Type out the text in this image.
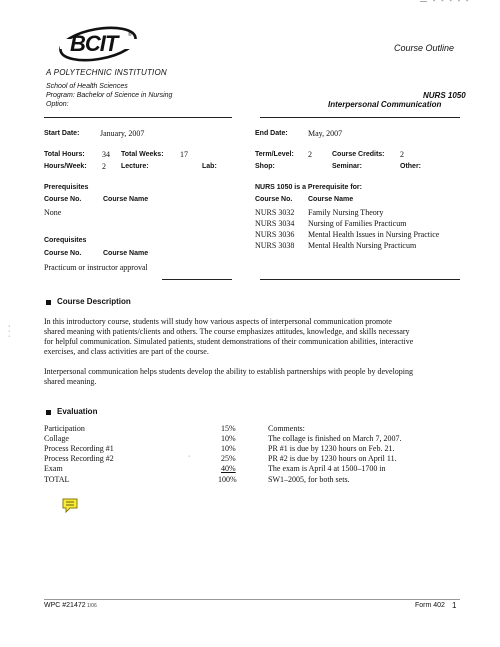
— - - - - -
BCIT	®
A POLYTECHNIC INSTITUTION
Course Outline
School of Health Sciences
Program: Bachelor of Science in Nursing
Option:
NURS 1050
Interpersonal Communication
Start Date:	January, 2007	End Date:	May, 2007
Total Hours: 34 Total Weeks: 17	Term/Level: 2	Course Credits: 2
Hours/Week: 2 Lecture:	Lab:	Shop:	Seminar:	Other:
Prerequisites
Course No.	Course Name
None
NURS 1050 is a Prerequisite for:
Course No. Course Name
NURS 3032 Family Nursing Theory
NURS 3034 Nursing of Families Practicum
NURS 3036 Mental Health Issues in Nursing Practice
NURS 3038 Mental Health Nursing Practicum
Corequisites
Course No.	Course Name
Practicum or instructor approval
·
·
·
Course Description
In this introductory course, students will study how various aspects of interpersonal communication promote
shared meaning with patients/clients and others. The course emphasizes attitudes, knowledge, and skills necessary
for helpful communication. Simulated patients, student demonstrations of their communication abilities, interactive
exercises, and class activities are part of the course.
Interpersonal communication helps students develop the ability to establish partnerships with people by developing
shared meaning.
Evaluation
Comments:
Participation	15%
Collage	10%	The collage is finished on March 7, 2007.
Process Recording #1	10%	PR #1 is due by 1230 hours on Feb. 21.
Process Recording #2	·	25%	PR #2 is due by 1230 hours on April 11.
Exam	40%	The exam is April 4 at 1500–1700 in
TOTAL	100%	SW1–2005, for both sets.
WPC #21472 1/06	Form 402 1
